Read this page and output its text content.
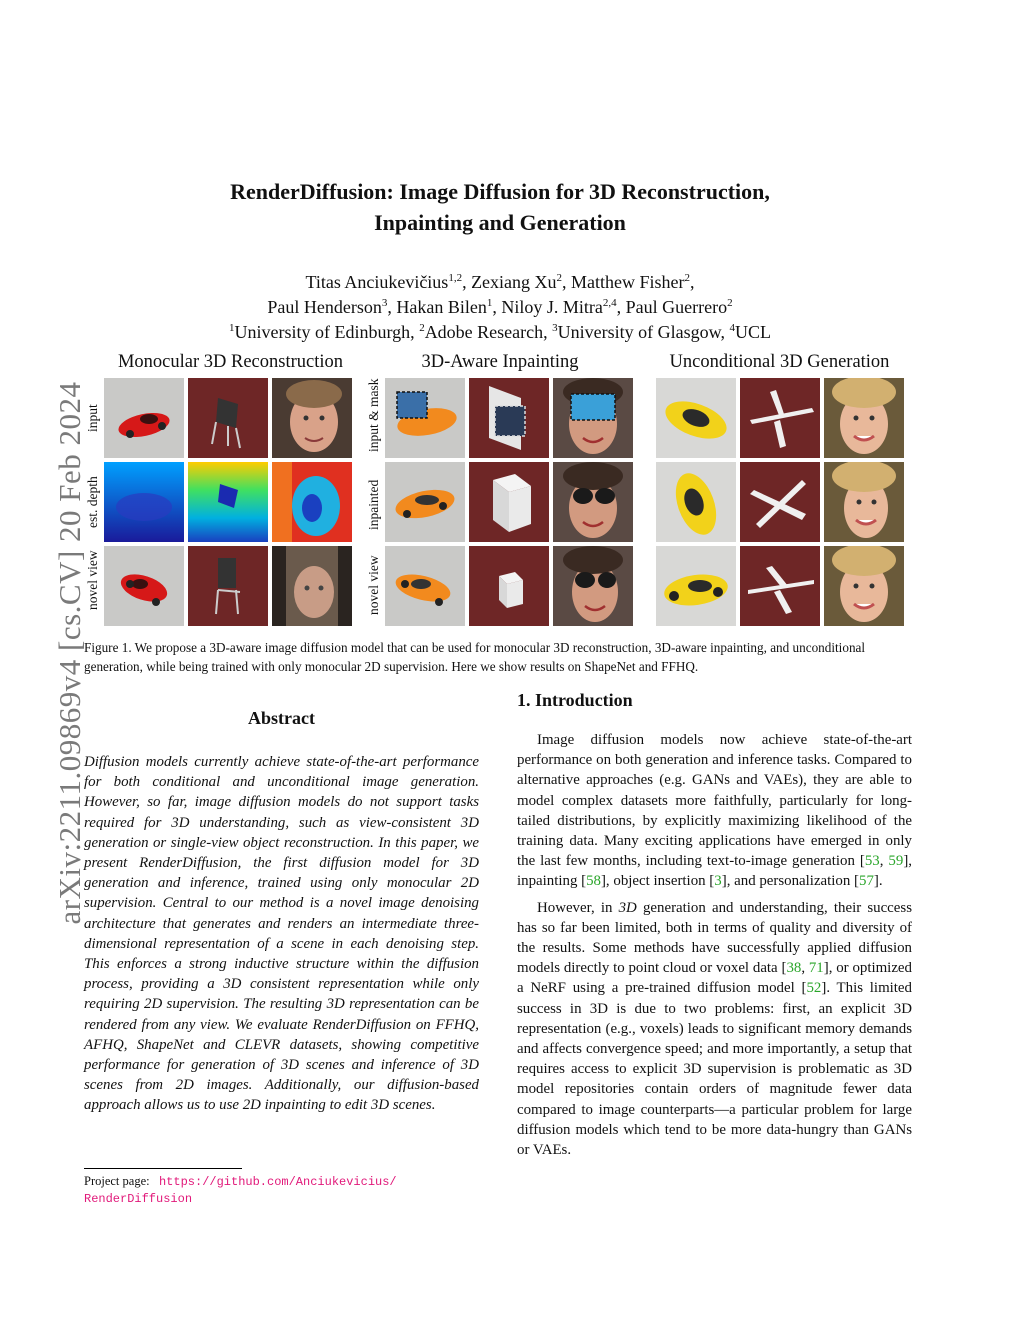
arXiv:2211.09869v4 [cs.CV] 20 Feb 2024
RenderDiffusion: Image Diffusion for 3D Reconstruction,
Inpainting and Generation
Titas Anciukevičius$^{1,2}$, Zexiang Xu$^2$, Matthew Fisher$^2$,
Paul Henderson$^3$, Hakan Bilen$^1$, Niloy J. Mitra$^{2,4}$, Paul Guerrero$^2$
$^1$University of Edinburgh, $^2$Adobe Research, $^3$University of Glasgow, $^4$UCL
Monocular 3D Reconstruction	3D-Aware Inpainting	Unconditional 3D Generation
input
est. depth
novel view
input & mask
inpainted
novel view
Figure 1. We propose a 3D-aware image diffusion model that can be used for monocular 3D reconstruction, 3D-aware inpainting, and unconditional generation, while being trained with only monocular 2D supervision. Here we show results on ShapeNet and FFHQ.
Abstract
Diffusion models currently achieve state-of-the-art performance for both conditional and unconditional image generation. However, so far, image diffusion models do not support tasks required for 3D understanding, such as view-consistent 3D generation or single-view object reconstruction. In this paper, we present RenderDiffusion, the first diffusion model for 3D generation and inference, trained using only monocular 2D supervision. Central to our method is a novel image denoising architecture that generates and renders an intermediate three-dimensional representation of a scene in each denoising step. This enforces a strong inductive structure within the diffusion process, providing a 3D consistent representation while only requiring 2D supervision. The resulting 3D representation can be rendered from any view. We evaluate RenderDiffusion on FFHQ, AFHQ, ShapeNet and CLEVR datasets, showing competitive performance for generation of 3D scenes and inference of 3D scenes from 2D images. Additionally, our diffusion-based approach allows us to use 2D inpainting to edit 3D scenes.
Project page: https://github.com/Anciukevicius/
RenderDiffusion
1. Introduction

Image diffusion models now achieve state-of-the-art performance on both generation and inference tasks. Compared to alternative approaches (e.g. GANs and VAEs), they are able to model complex datasets more faithfully, particularly for long-tailed distributions, by explicitly maximizing likelihood of the training data. Many exciting applications have emerged in only the last few months, including text-to-image generation [53, 59], inpainting [58], object insertion [3], and personalization [57].

However, in 3D generation and understanding, their success has so far been limited, both in terms of quality and diversity of the results. Some methods have successfully applied diffusion models directly to point cloud or voxel data [38, 71], or optimized a NeRF using a pre-trained diffusion model [52]. This limited success in 3D is due to two problems: first, an explicit 3D representation (e.g., voxels) leads to significant memory demands and affects convergence speed; and more importantly, a setup that requires access to explicit 3D supervision is problematic as 3D model repositories contain orders of magnitude fewer data compared to image counterparts—a particular problem for large diffusion models which tend to be more data-hungry than GANs or VAEs.
